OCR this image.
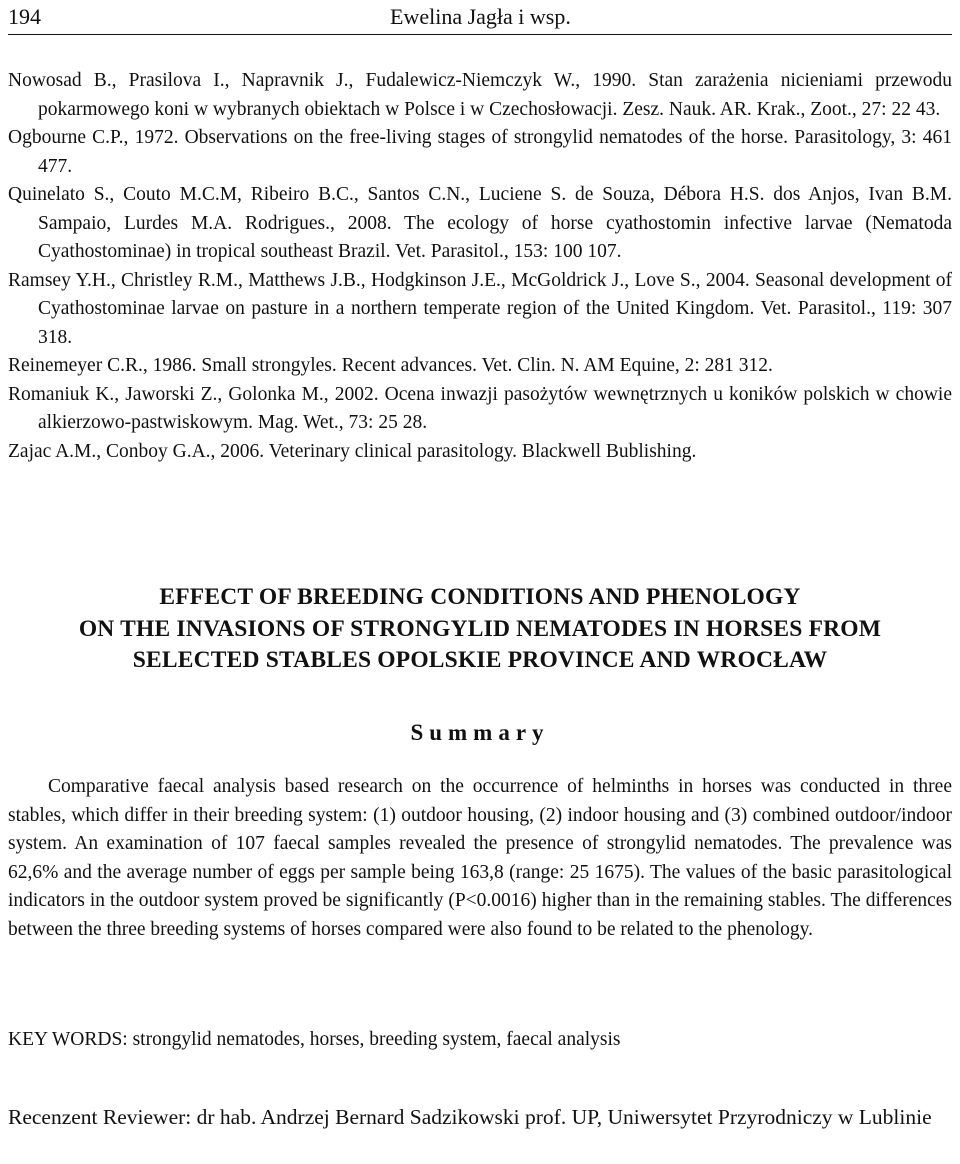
194	Ewelina Jagła i wsp.

Nowosad B., Prasilova I., Napravnik J., Fudalewicz-Niemczyk W., 1990. Stan zarażenia nicieniami przewodu pokarmowego koni w wybranych obiektach w Polsce i w Czechosłowacji. Zesz. Nauk. AR. Krak., Zoot., 27: 22 43.

Ogbourne C.P., 1972. Observations on the free-living stages of strongylid nematodes of the horse. Parasitology, 3: 461 477.

Quinelato S., Couto M.C.M, Ribeiro B.C., Santos C.N., Luciene S. de Souza, Débora H.S. dos Anjos, Ivan B.M. Sampaio, Lurdes M.A. Rodrigues., 2008. The ecology of horse cyathostomin infective larvae (Nematoda Cyathostominae) in tropical southeast Brazil. Vet. Parasitol., 153: 100 107.

Ramsey Y.H., Christley R.M., Matthews J.B., Hodgkinson J.E., McGoldrick J., Love S., 2004. Seasonal development of Cyathostominae larvae on pasture in a northern temperate region of the United Kingdom. Vet. Parasitol., 119: 307 318.

Reinemeyer C.R., 1986. Small strongyles. Recent advances. Vet. Clin. N. AM Equine, 2: 281 312.

Romaniuk K., Jaworski Z., Golonka M., 2002. Ocena inwazji pasożytów wewnętrznych u koników polskich w chowie alkierzowo-pastwiskowym. Mag. Wet., 73: 25 28.

Zajac A.M., Conboy G.A., 2006. Veterinary clinical parasitology. Blackwell Bublishing.

EFFECT OF BREEDING CONDITIONS AND PHENOLOGY
ON THE INVASIONS OF STRONGYLID NEMATODES IN HORSES FROM
SELECTED STABLES OPOLSKIE PROVINCE AND WROCŁAW
Summary

Comparative faecal analysis based research on the occurrence of helminths in horses was conducted in three stables, which differ in their breeding system: (1) outdoor housing, (2) indoor housing and (3) combined outdoor/indoor system. An examination of 107 faecal samples revealed the presence of strongylid nematodes. The prevalence was 62,6% and the average number of eggs per sample being 163,8 (range: 25 1675). The values of the basic parasitological indicators in the outdoor system proved be significantly (P<0.0016) higher than in the remaining stables. The differences between the three breeding systems of horses compared were also found to be related to the phenology.

KEY WORDS: strongylid nematodes, horses, breeding system, faecal analysis

Recenzent Reviewer: dr hab. Andrzej Bernard Sadzikowski prof. UP, Uniwersytet Przyrodniczy w Lublinie
